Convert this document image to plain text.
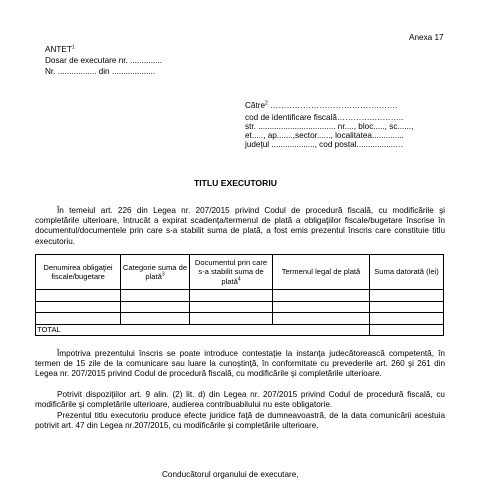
Anexa 17
ANTET$^1$
Dosar de executare nr. ..............
Nr. ................. din ...................
Către$^2$ ………………………………….…….
cod de identificare fiscală…………..………..
str. .................................. nr...., bloc....., sc......,
et....., ap.......,sector......, localitatea..............
judeţul ..................., cod postal.................…
TITLU EXECUTORIU

În temeiul art. 226 din Legea nr. 207/2015 privind Codul de procedură fiscală, cu modificările şi completările ulterioare, întrucât a expirat scadenţa/termenul de plată a obligaţiilor fiscale/bugetare înscrise în documentul/documentele prin care s-a stabilit suma de plată, a fost emis prezentul înscris care constituie titlu executoriu.

Denumirea obligaţiei fiscale/bugetare	Categorie suma de plată$^3$	Documentul prin care s-a stabilit suma de plată$^4$	Termenul legal de plată	Suma datorată (lei)

TOTAL				

Împotriva prezentului înscris se poate introduce contestaţie la instanţa judecătorească competentă, în termen de 15 zile de la comunicare sau luare la cunoştinţă, în conformitate cu prevederile art. 260 şi 261 din Legea nr. 207/2015 privind Codul de procedură fiscală, cu modificările şi completările ulterioare.

Potrivit dispoziţiilor art. 9 alin. (2) lit. d) din Legea nr. 207/2015 privind Codul de procedură fiscală, cu modificările şi completările ulterioare, audierea contribuabilului nu este obligatorie.

Prezentul titlu executoriu produce efecte juridice faţă de dumneavoastră, de la data comunicării acestuia potrivit art. 47 din Legea nr.207/2015, cu modificările şi completările ulterioare.

Conducătorul organului de executare,
